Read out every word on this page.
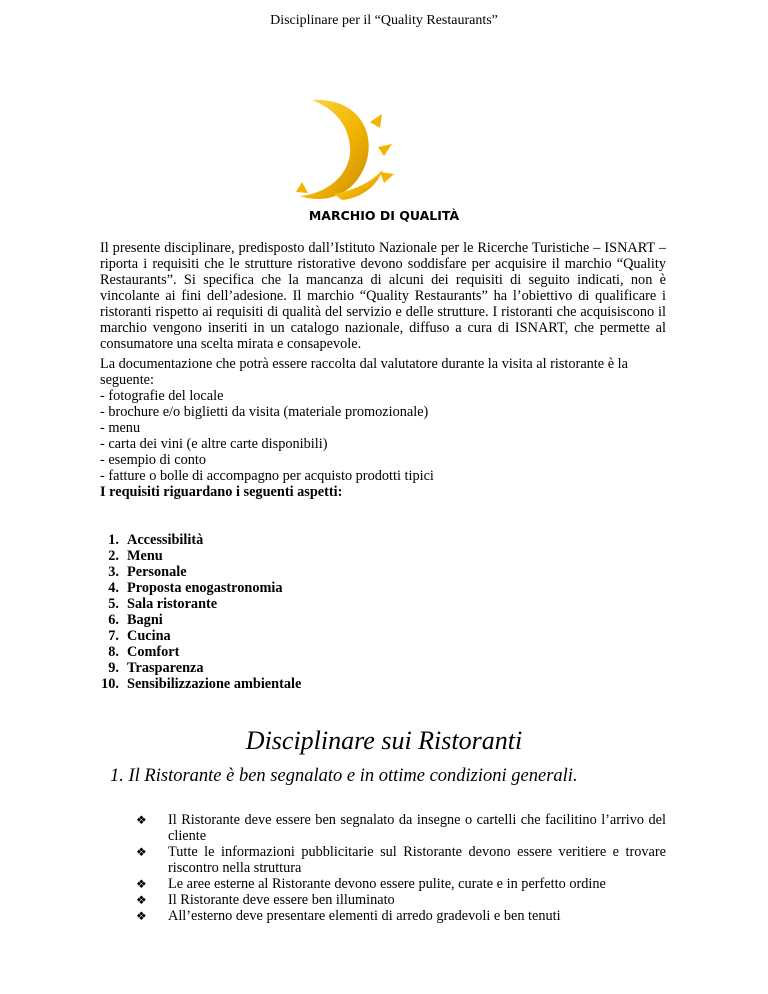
Disciplinare per il “Quality Restaurants”
MARCHIO DI QUALITÀ

Il presente disciplinare, predisposto dall’Istituto Nazionale per le Ricerche Turistiche – ISNART – riporta i requisiti che le strutture ristorative devono soddisfare per acquisire il marchio “Quality Restaurants”. Si specifica che la mancanza di alcuni dei requisiti di seguito indicati, non è vincolante ai fini dell’adesione. Il marchio “Quality Restaurants” ha l’obiettivo di qualificare i ristoranti rispetto ai requisiti di qualità del servizio e delle strutture. I ristoranti che acquisiscono il marchio vengono inseriti in un catalogo nazionale, diffuso a cura di ISNART, che permette al consumatore una scelta mirata e consapevole.

La documentazione che potrà essere raccolta dal valutatore durante la visita al ristorante è la seguente:

- fotografie del locale
- brochure e/o biglietti da visita (materiale promozionale)
- menu
- carta dei vini (e altre carte disponibili)
- esempio di conto
- fatture o bolle di accompagno per acquisto prodotti tipici
I requisiti riguardano i seguenti aspetti:
1. Accessibilità
2. Menu
3. Personale
4. Proposta enogastronomia
5. Sala ristorante
6. Bagni
7. Cucina
8. Comfort
9. Trasparenza
10. Sensibilizzazione ambientale
Disciplinare sui Ristoranti
1. Il Ristorante è ben segnalato e in ottime condizioni generali.
❖	Il Ristorante deve essere ben segnalato da insegne o cartelli che facilitino l’arrivo del cliente
❖	Tutte le informazioni pubblicitarie sul Ristorante devono essere veritiere e trovare riscontro nella struttura
❖	Le aree esterne al Ristorante devono essere pulite, curate e in perfetto ordine
❖	Il Ristorante deve essere ben illuminato
❖	All’esterno deve presentare elementi di arredo gradevoli e ben tenuti
